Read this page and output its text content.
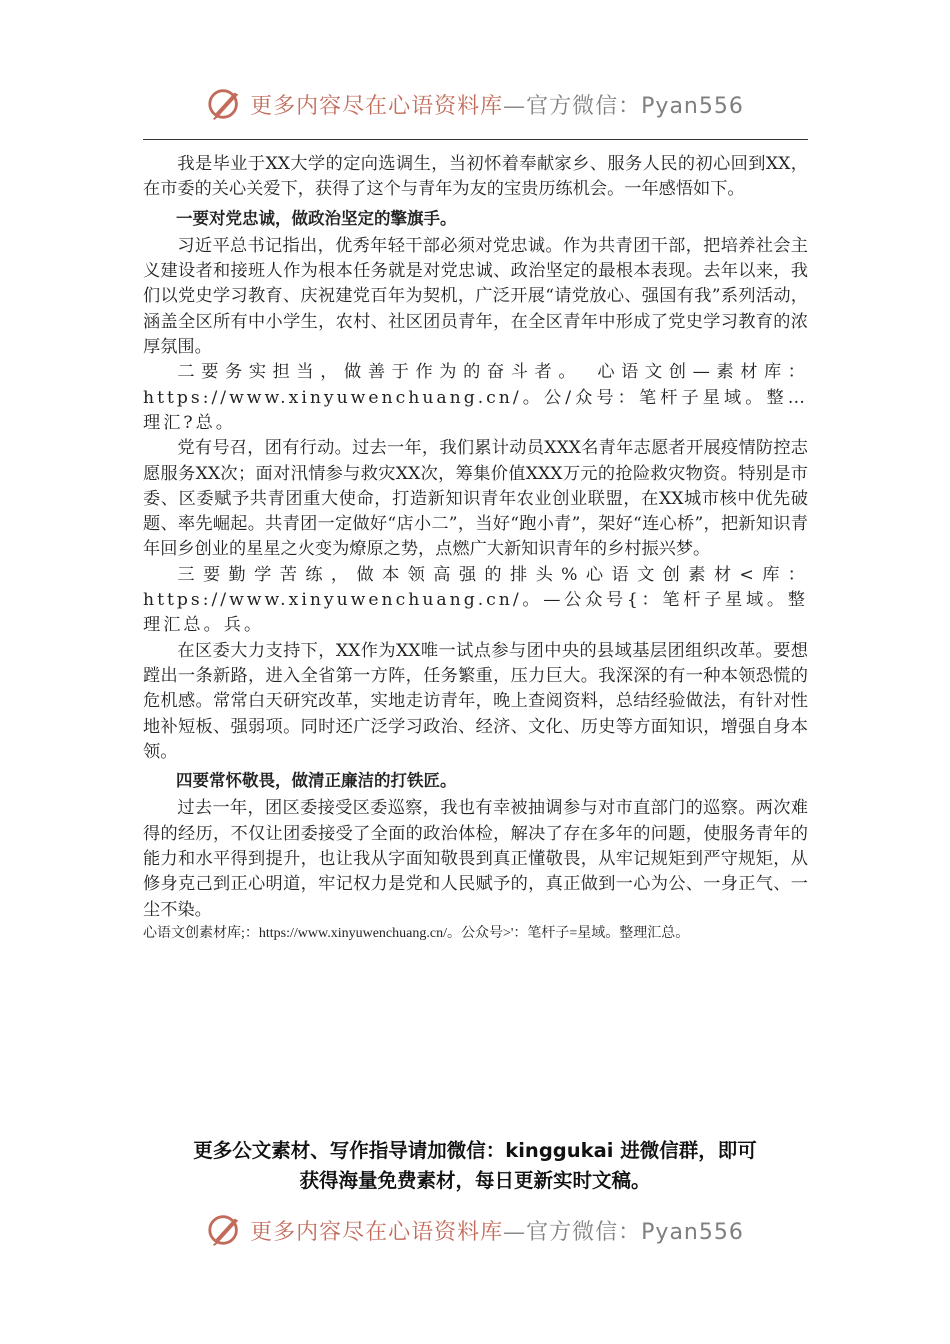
更多内容尽在心语资料库—官方微信：Pyan556

我是毕业于XX大学的定向选调生，当初怀着奉献家乡、服务人民的初心回到XX，在市委的关心关爱下，获得了这个与青年为友的宝贵历练机会。一年感悟如下。

一要对党忠诚，做政治坚定的擎旗手。

习近平总书记指出，优秀年轻干部必须对党忠诚。作为共青团干部，把培养社会主义建设者和接班人作为根本任务就是对党忠诚、政治坚定的最根本表现。去年以来，我们以党史学习教育、庆祝建党百年为契机，广泛开展“请党放心、强国有我”系列活动，涵盖全区所有中小学生，农村、社区团员青年，在全区青年中形成了党史学习教育的浓厚氛围。

二要务实担当，做善于作为的奋斗者。　心语文创—素材库：https://www.xinyuwenchuang.cn/。公/众号：笔杆子星域。整…理汇?总。

党有号召，团有行动。过去一年，我们累计动员XXX名青年志愿者开展疫情防控志愿服务XX次；面对汛情参与救灾XX次，筹集价值XXX万元的抢险救灾物资。特别是市委、区委赋予共青团重大使命，打造新知识青年农业创业联盟，在XX城市核中优先破题、率先崛起。共青团一定做好“店小二”，当好“跑小青”，架好“连心桥”，把新知识青年回乡创业的星星之火变为燎原之势，点燃广大新知识青年的乡村振兴梦。

三要勤学苦练，做本领高强的排头%心语文创素材<库：https://www.xinyuwenchuang.cn/。—公众号{：笔杆子星域。整理汇总。兵。

在区委大力支持下，XX作为XX唯一试点参与团中央的县域基层团组织改革。要想蹚出一条新路，进入全省第一方阵，任务繁重，压力巨大。我深深的有一种本领恐慌的危机感。常常白天研究改革，实地走访青年，晚上查阅资料，总结经验做法，有针对性地补短板、强弱项。同时还广泛学习政治、经济、文化、历史等方面知识，增强自身本领。

四要常怀敬畏，做清正廉洁的打铁匠。

过去一年，团区委接受区委巡察，我也有幸被抽调参与对市直部门的巡察。两次难得的经历，不仅让团委接受了全面的政治体检，解决了存在多年的问题，使服务青年的能力和水平得到提升，也让我从字面知敬畏到真正懂敬畏，从牢记规矩到严守规矩，从修身克己到正心明道，牢记权力是党和人民赋予的，真正做到一心为公、一身正气、一尘不染。

心语文创素材库;：https://www.xinyuwenchuang.cn/。公众号>'：笔杆子=星域。整理汇总。

更多公文素材、写作指导请加微信：kinggukai 进微信群，即可
获得海量免费素材，每日更新实时文稿。
更多内容尽在心语资料库—官方微信：Pyan556
